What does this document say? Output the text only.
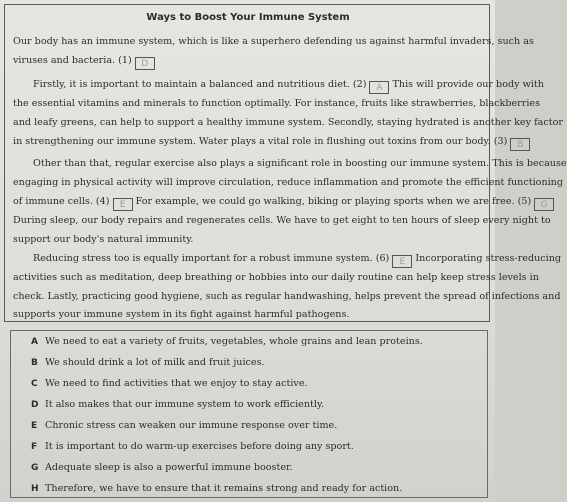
Ways to Boost Your Immune System
Our body has an immune system, which is like a superhero defending us against harmful invaders, such as
viruses and bacteria. (1) D
Firstly, it is important to maintain a balanced and nutritious diet. (2) A This will provide our body with
the essential vitamins and minerals to function optimally. For instance, fruits like strawberries, blackberries
and leafy greens, can help to support a healthy immune system. Secondly, staying hydrated is another key factor
in strengthening our immune system. Water plays a vital role in flushing out toxins from our body. (3) B
Other than that, regular exercise also plays a significant role in boosting our immune system. This is because
engaging in physical activity will improve circulation, reduce inflammation and promote the efficient functioning
of immune cells. (4) E For example, we could go walking, biking or playing sports when we are free. (5) G
During sleep, our body repairs and regenerates cells. We have to get eight to ten hours of sleep every night to
support our body's natural immunity.
Reducing stress too is equally important for a robust immune system. (6) E Incorporating stress-reducing
activities such as meditation, deep breathing or hobbies into our daily routine can help keep stress levels in
check. Lastly, practicing good hygiene, such as regular handwashing, helps prevent the spread of infections and
supports your immune system in its fight against harmful pathogens.
A We need to eat a variety of fruits, vegetables, whole grains and lean proteins.
B We should drink a lot of milk and fruit juices.
C We need to find activities that we enjoy to stay active.
D It also makes that our immune system to work efficiently.
E Chronic stress can weaken our immune response over time.
F It is important to do warm-up exercises before doing any sport.
G Adequate sleep is also a powerful immune booster.
H Therefore, we have to ensure that it remains strong and ready for action.
